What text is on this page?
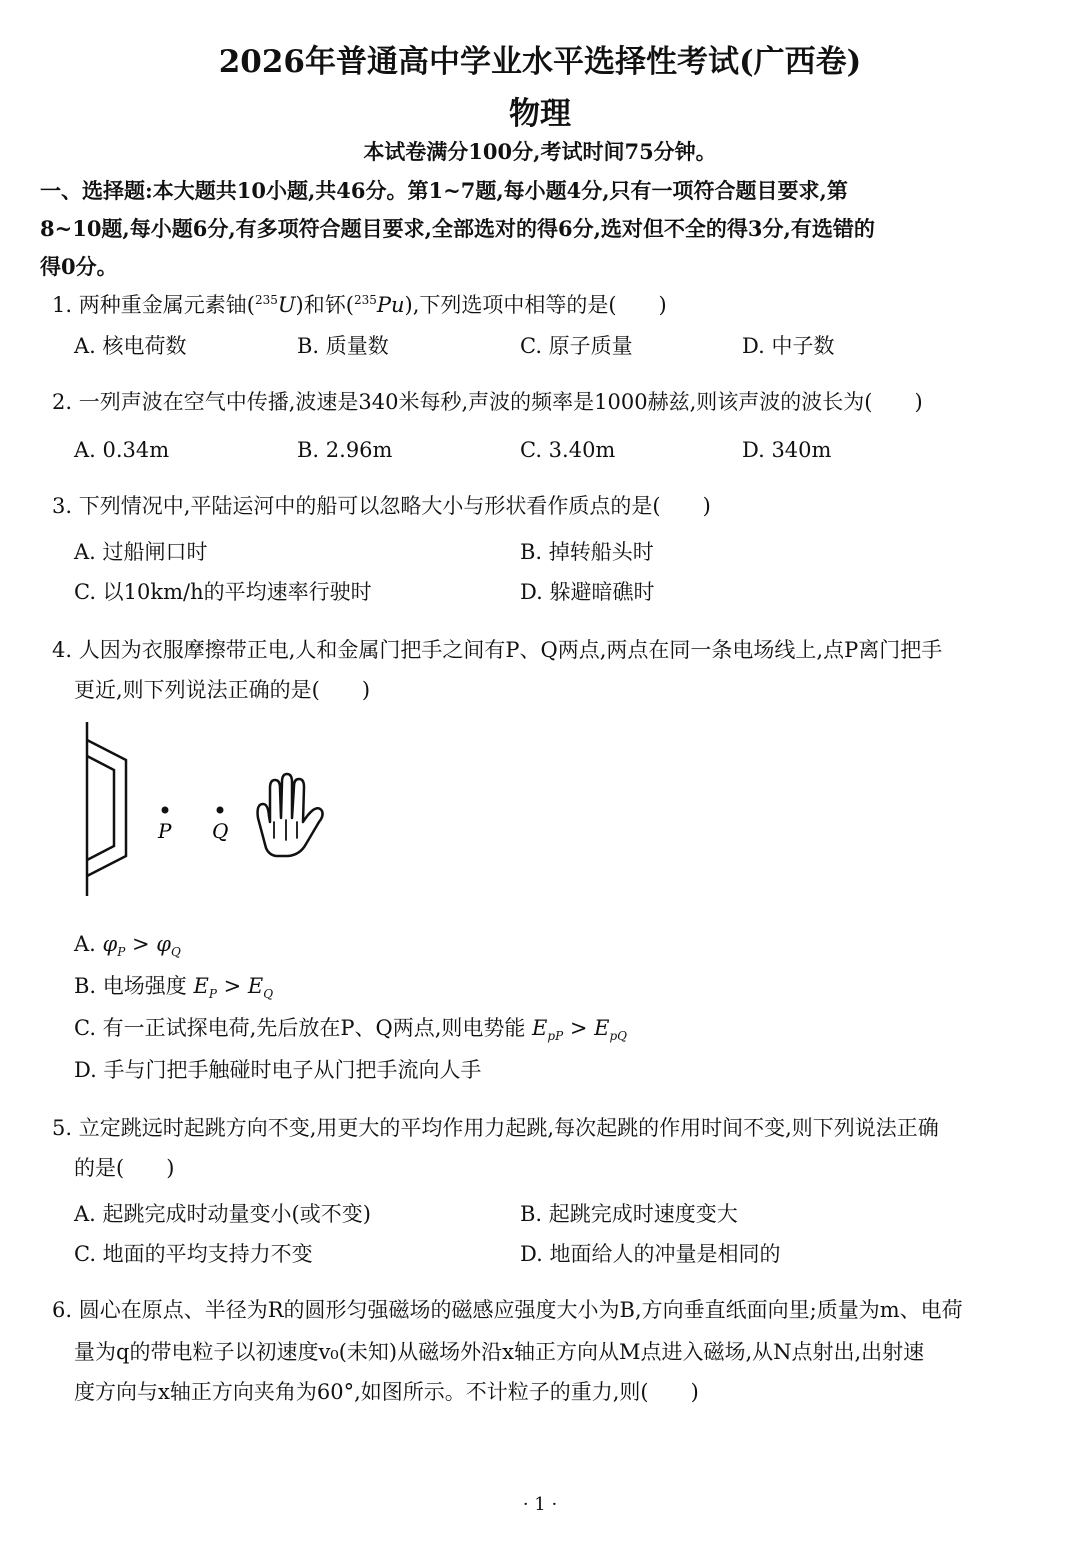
2026年普通高中学业水平选择性考试(广西卷)
物理
本试卷满分100分,考试时间75分钟。
一、选择题:本大题共10小题,共46分。第1~7题,每小题4分,只有一项符合题目要求,第
8~10题,每小题6分,有多项符合题目要求,全部选对的得6分,选对但不全的得3分,有选错的
得0分。
1. 两种重金属元素铀($^{235}$U)和钚($^{235}$Pu),下列选项中相等的是(　　)
A. 核电荷数	B. 质量数	C. 原子质量	D. 中子数
2. 一列声波在空气中传播,波速是340米每秒,声波的频率是1000赫兹,则该声波的波长为(　　)
A. 0.34m	B. 2.96m	C. 3.40m	D. 340m
3. 下列情况中,平陆运河中的船可以忽略大小与形状看作质点的是(　　)
A. 过船闸口时	B. 掉转船头时
C. 以10km/h的平均速率行驶时	D. 躲避暗礁时
4. 人因为衣服摩擦带正电,人和金属门把手之间有P、Q两点,两点在同一条电场线上,点P离门把手
更近,则下列说法正确的是(　　)
P Q
A. $\varphi_P > \varphi_Q$
B. 电场强度 $E_P > E_Q$
C. 有一正试探电荷,先后放在P、Q两点,则电势能 $E_{pP} > E_{pQ}$
D. 手与门把手触碰时电子从门把手流向人手
5. 立定跳远时起跳方向不变,用更大的平均作用力起跳,每次起跳的作用时间不变,则下列说法正确
的是(　　)
A. 起跳完成时动量变小(或不变)	B. 起跳完成时速度变大
C. 地面的平均支持力不变	D. 地面给人的冲量是相同的
6. 圆心在原点、半径为R的圆形匀强磁场的磁感应强度大小为B,方向垂直纸面向里;质量为m、电荷
量为q的带电粒子以初速度v₀(未知)从磁场外沿x轴正方向从M点进入磁场,从N点射出,出射速
度方向与x轴正方向夹角为60°,如图所示。不计粒子的重力,则(　　)
· 1 ·
